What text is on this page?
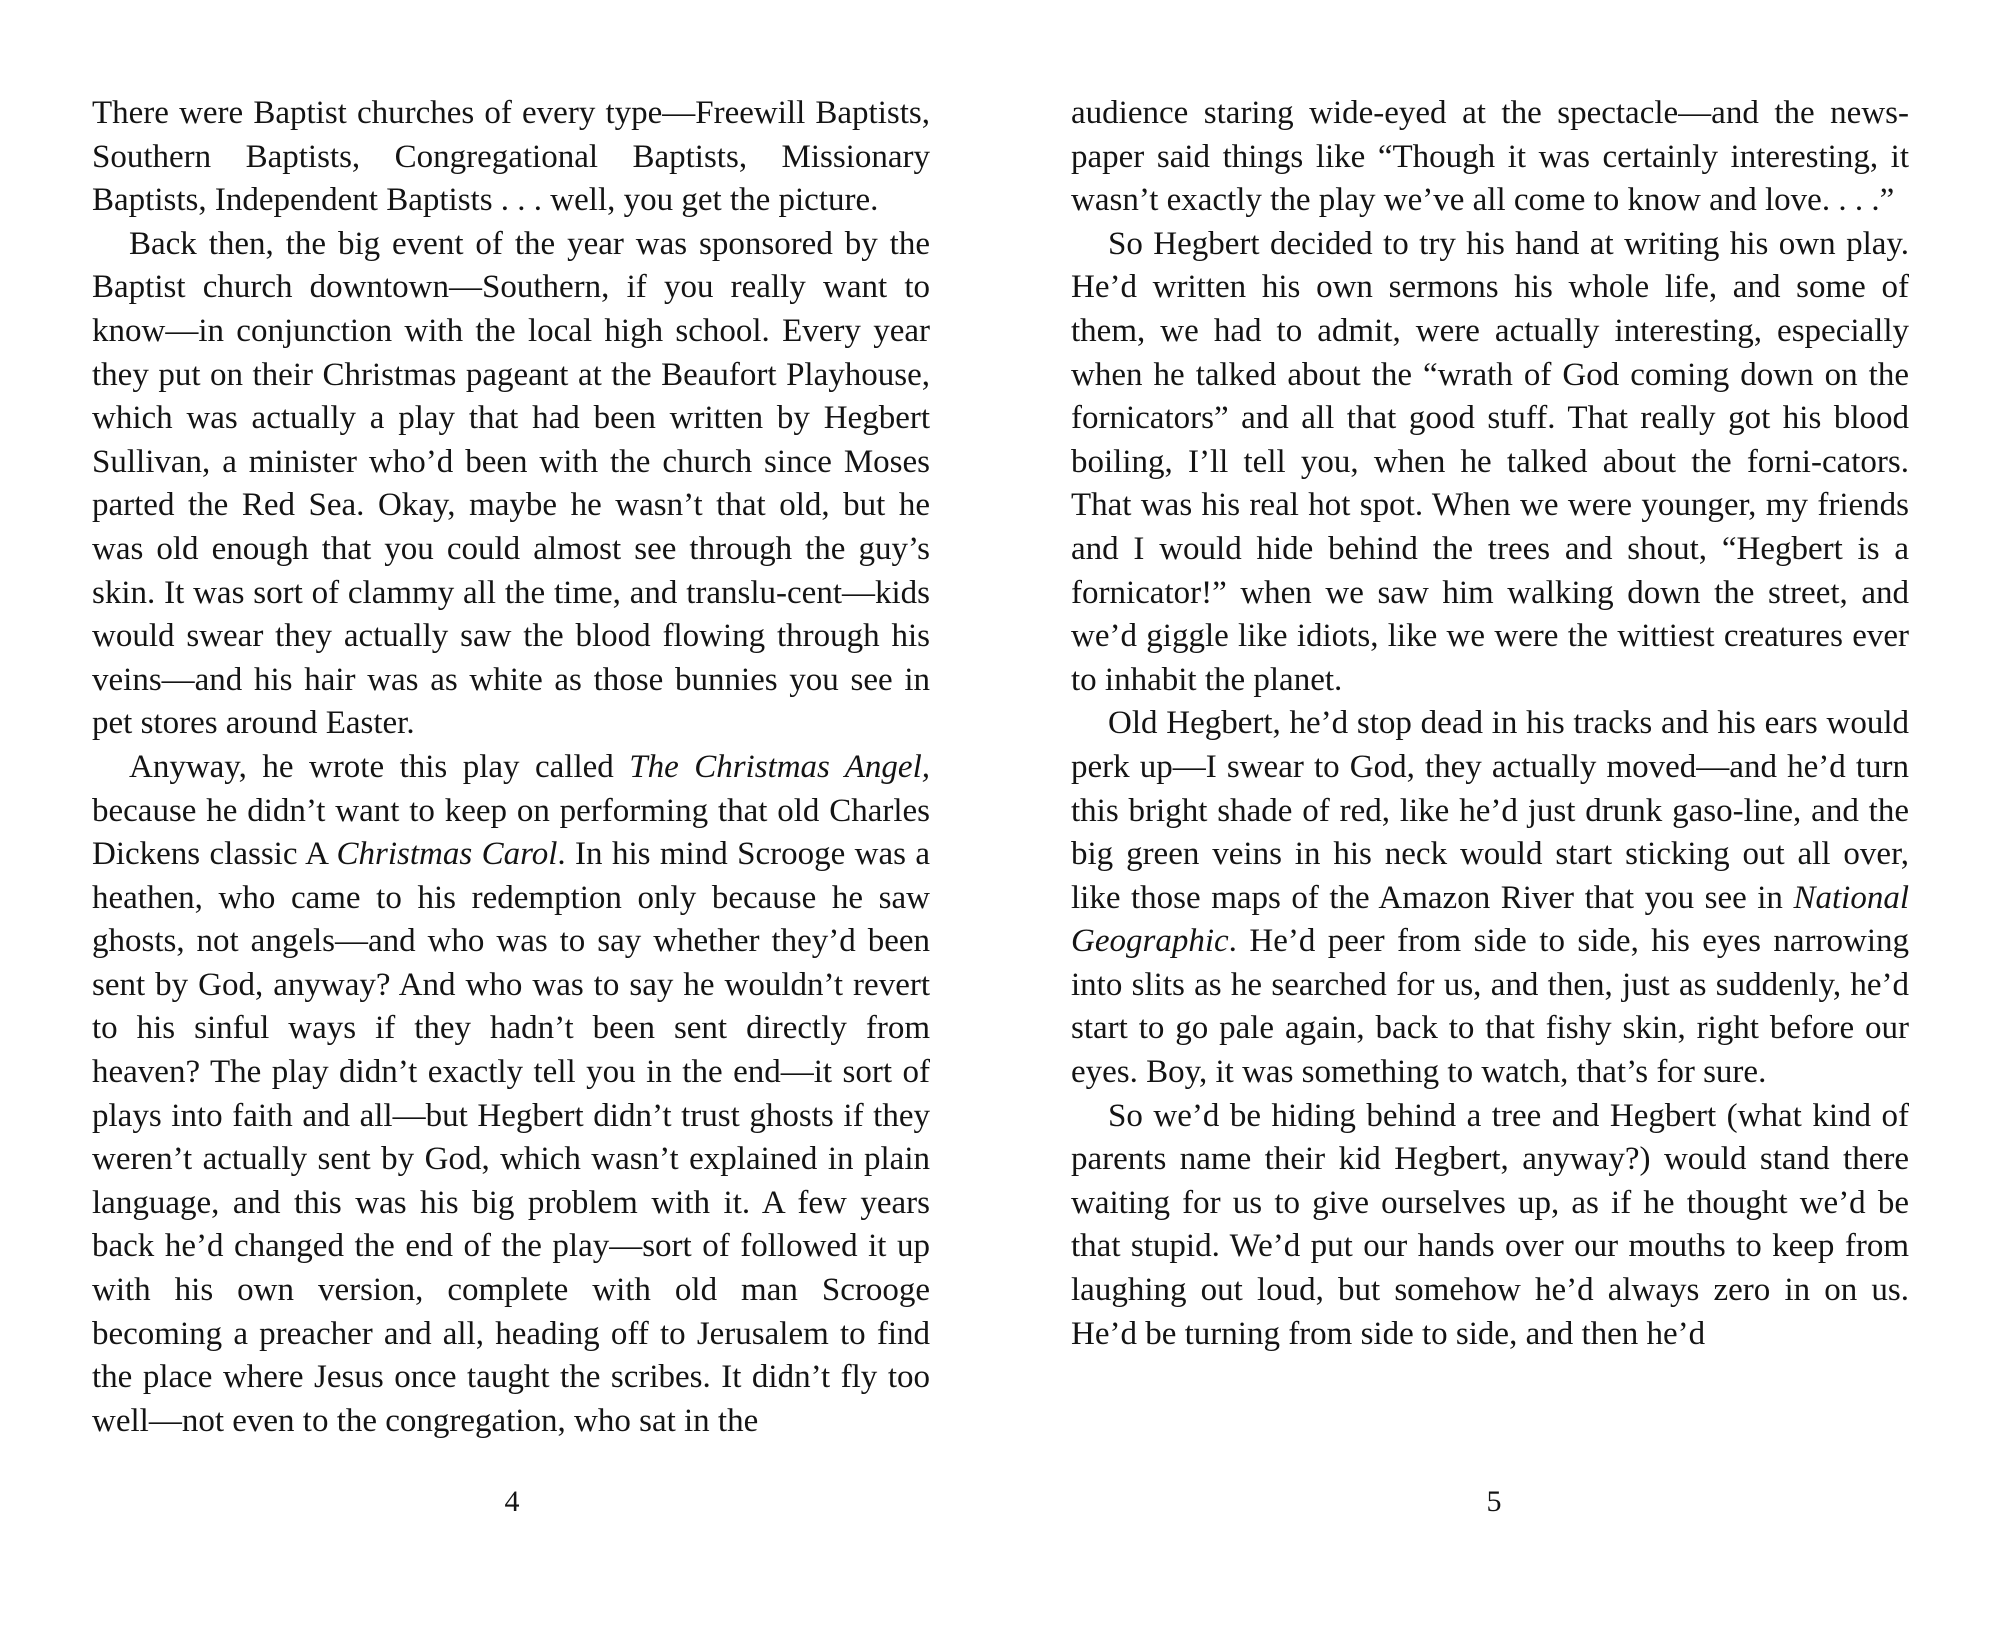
There were Baptist churches of every type—Freewill Baptists, Southern Baptists, Congregational Baptists, Missionary Baptists, Independent Baptists . . . well, you get the picture.

Back then, the big event of the year was sponsored by the Baptist church downtown—Southern, if you really want to know—in conjunction with the local high school. Every year they put on their Christmas pageant at the Beaufort Playhouse, which was actually a play that had been written by Hegbert Sullivan, a minister who’d been with the church since Moses parted the Red Sea. Okay, maybe he wasn’t that old, but he was old enough that you could almost see through the guy’s skin. It was sort of clammy all the time, and translu-cent—kids would swear they actually saw the blood flowing through his veins—and his hair was as white as those bunnies you see in pet stores around Easter.

Anyway, he wrote this play called The Christmas Angel, because he didn’t want to keep on performing that old Charles Dickens classic A Christmas Carol. In his mind Scrooge was a heathen, who came to his redemption only because he saw ghosts, not angels—and who was to say whether they’d been sent by God, anyway? And who was to say he wouldn’t revert to his sinful ways if they hadn’t been sent directly from heaven? The play didn’t exactly tell you in the end—it sort of plays into faith and all—but Hegbert didn’t trust ghosts if they weren’t actually sent by God, which wasn’t explained in plain language, and this was his big problem with it. A few years back he’d changed the end of the play—sort of followed it up with his own version, complete with old man Scrooge becoming a preacher and all, heading off to Jerusalem to find the place where Jesus once taught the scribes. It didn’t fly too well—not even to the congregation, who sat in the

audience staring wide-eyed at the spectacle—and the news-paper said things like “Though it was certainly interesting, it wasn’t exactly the play we’ve all come to know and love. . . .”

So Hegbert decided to try his hand at writing his own play. He’d written his own sermons his whole life, and some of them, we had to admit, were actually interesting, especially when he talked about the “wrath of God coming down on the fornicators” and all that good stuff. That really got his blood boiling, I’ll tell you, when he talked about the forni-cators. That was his real hot spot. When we were younger, my friends and I would hide behind the trees and shout, “Hegbert is a fornicator!” when we saw him walking down the street, and we’d giggle like idiots, like we were the wittiest creatures ever to inhabit the planet.

Old Hegbert, he’d stop dead in his tracks and his ears would perk up—I swear to God, they actually moved—and he’d turn this bright shade of red, like he’d just drunk gaso-line, and the big green veins in his neck would start sticking out all over, like those maps of the Amazon River that you see in National Geographic. He’d peer from side to side, his eyes narrowing into slits as he searched for us, and then, just as suddenly, he’d start to go pale again, back to that fishy skin, right before our eyes. Boy, it was something to watch, that’s for sure.

So we’d be hiding behind a tree and Hegbert (what kind of parents name their kid Hegbert, anyway?) would stand there waiting for us to give ourselves up, as if he thought we’d be that stupid. We’d put our hands over our mouths to keep from laughing out loud, but somehow he’d always zero in on us. He’d be turning from side to side, and then he’d

4	5
